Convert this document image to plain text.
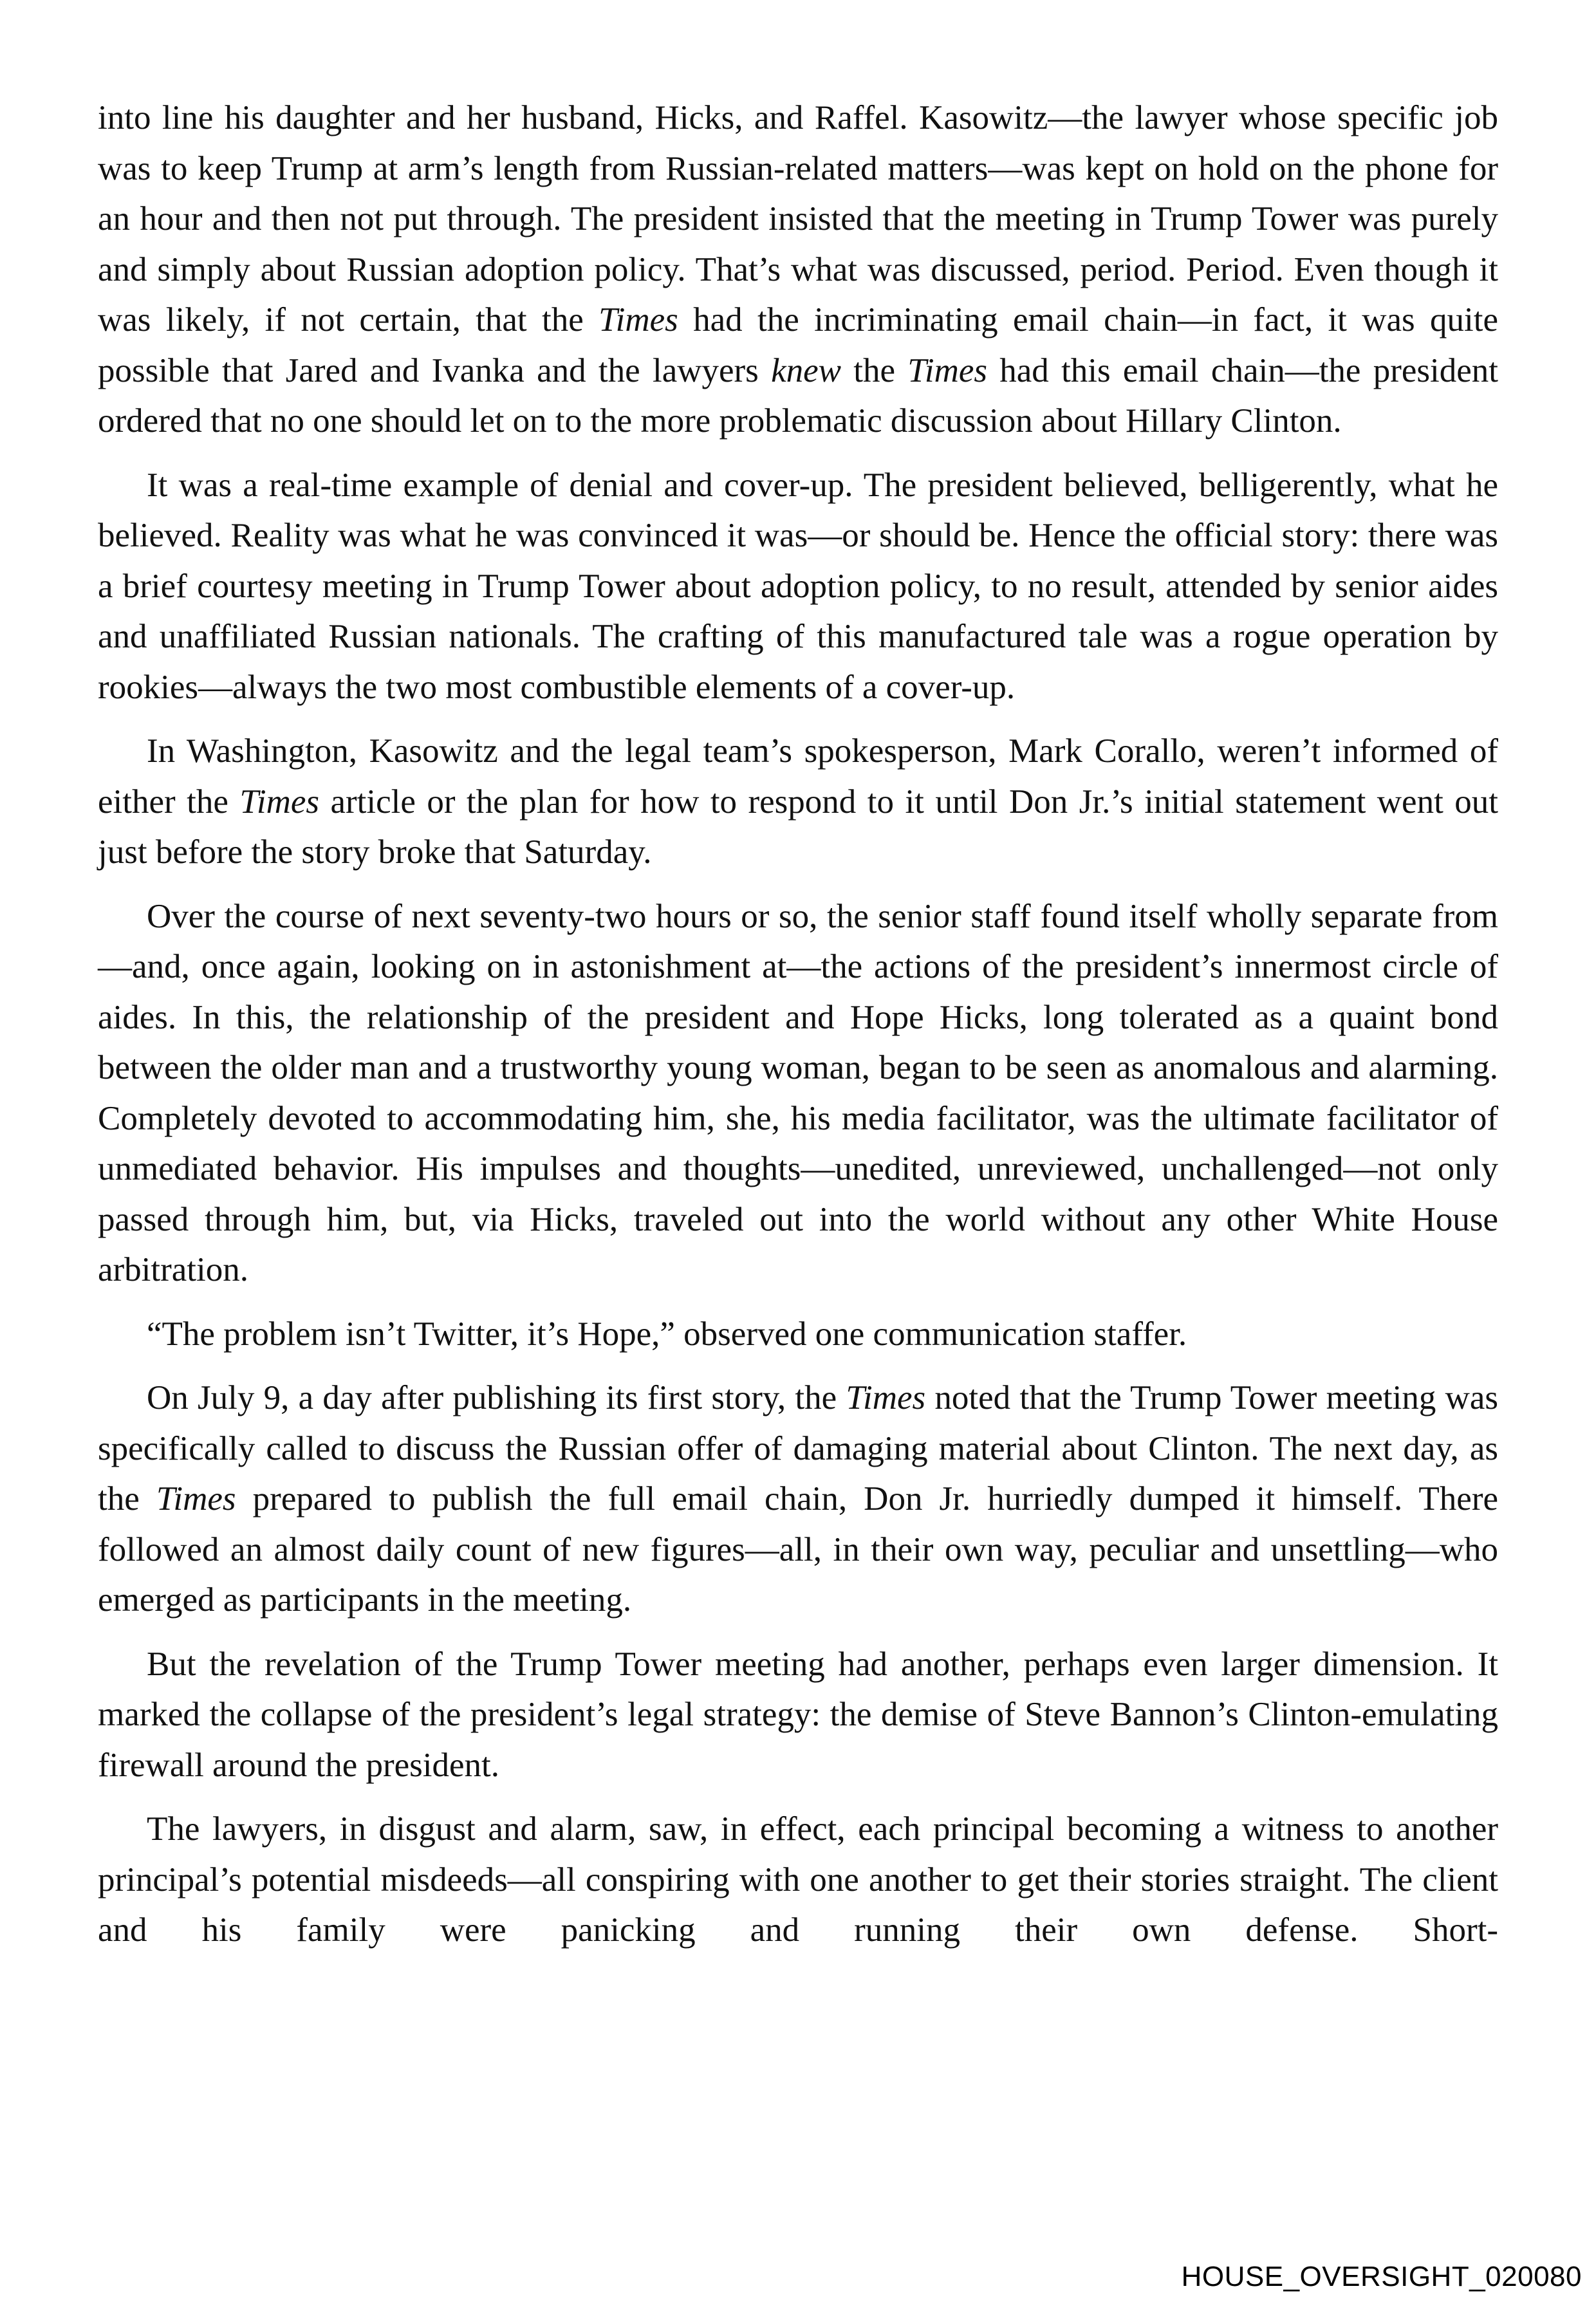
into line his daughter and her husband, Hicks, and Raffel. Kasowitz—the lawyer whose specific job was to keep Trump at arm’s length from Russian-related matters—was kept on hold on the phone for an hour and then not put through. The president insisted that the meeting in Trump Tower was purely and simply about Russian adoption policy. That’s what was discussed, period. Period. Even though it was likely, if not certain, that the Times had the incriminating email chain—in fact, it was quite possible that Jared and Ivanka and the lawyers knew the Times had this email chain—the president ordered that no one should let on to the more problematic discussion about Hillary Clinton.

It was a real-time example of denial and cover-up. The president believed, belligerently, what he believed. Reality was what he was convinced it was—or should be. Hence the official story: there was a brief courtesy meeting in Trump Tower about adoption policy, to no result, attended by senior aides and unaffiliated Russian nationals. The crafting of this manufactured tale was a rogue operation by rookies—always the two most combustible elements of a cover-up.

In Washington, Kasowitz and the legal team’s spokesperson, Mark Corallo, weren’t informed of either the Times article or the plan for how to respond to it until Don Jr.’s initial statement went out just before the story broke that Saturday.

Over the course of next seventy-two hours or so, the senior staff found itself wholly separate from—and, once again, looking on in astonishment at—the actions of the president’s innermost circle of aides. In this, the relationship of the president and Hope Hicks, long tolerated as a quaint bond between the older man and a trustworthy young woman, began to be seen as anomalous and alarming. Completely devoted to accommodating him, she, his media facilitator, was the ultimate facilitator of unmediated behavior. His impulses and thoughts—unedited, unreviewed, unchallenged—not only passed through him, but, via Hicks, traveled out into the world without any other White House arbitration.

“The problem isn’t Twitter, it’s Hope,” observed one communication staffer.

On July 9, a day after publishing its first story, the Times noted that the Trump Tower meeting was specifically called to discuss the Russian offer of damaging material about Clinton. The next day, as the Times prepared to publish the full email chain, Don Jr. hurriedly dumped it himself. There followed an almost daily count of new figures—all, in their own way, peculiar and unsettling—who emerged as participants in the meeting.

But the revelation of the Trump Tower meeting had another, perhaps even larger dimension. It marked the collapse of the president’s legal strategy: the demise of Steve Bannon’s Clinton-emulating firewall around the president.

The lawyers, in disgust and alarm, saw, in effect, each principal becoming a witness to another principal’s potential misdeeds—all conspiring with one another to get their stories straight. The client and his family were panicking and running their own defense. Short-

HOUSE_OVERSIGHT_020080
